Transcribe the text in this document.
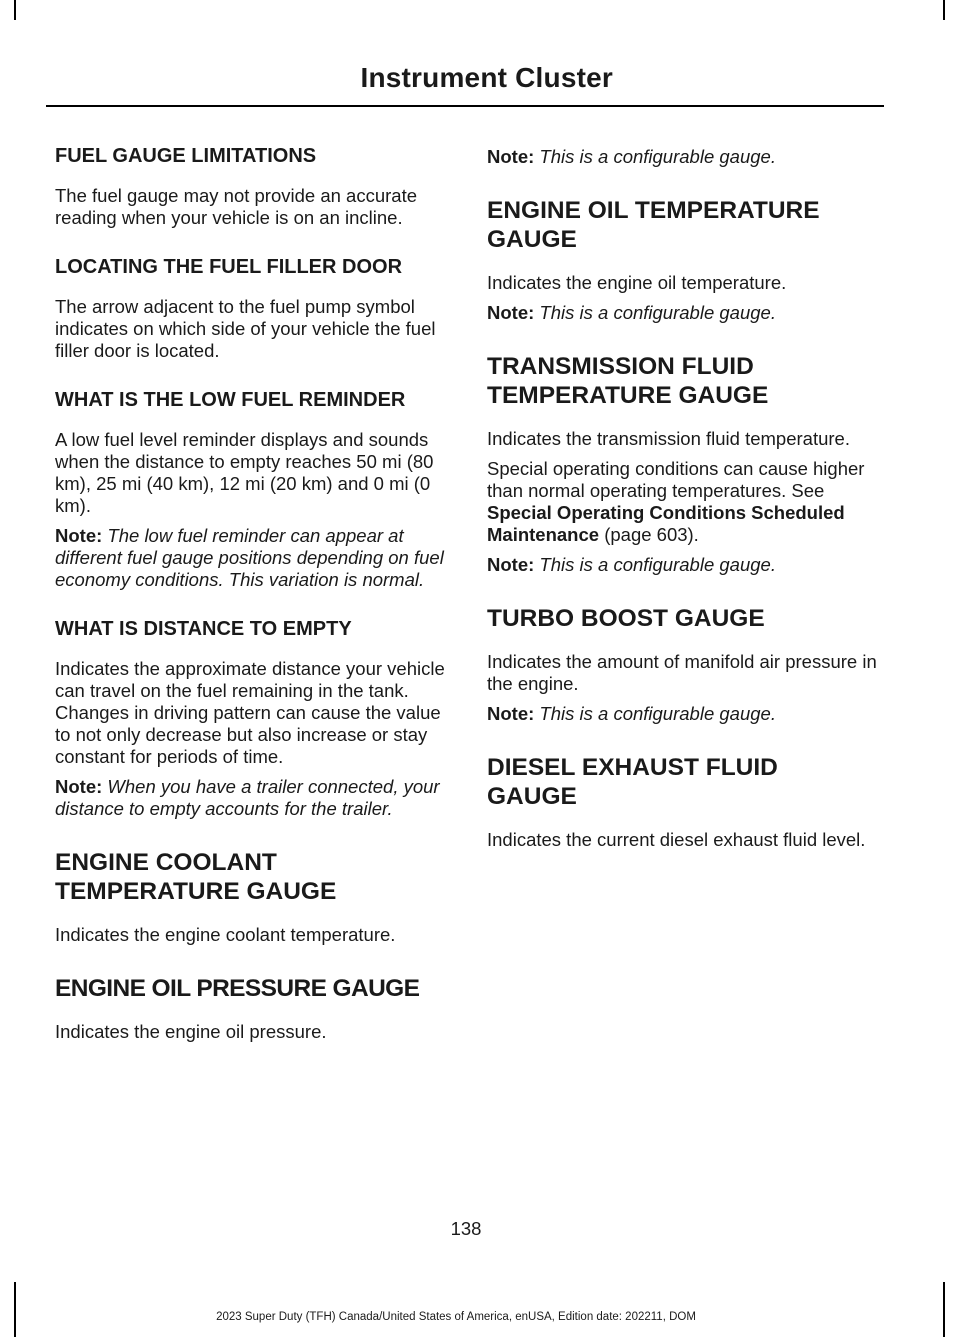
Instrument Cluster
FUEL GAUGE LIMITATIONS

The fuel gauge may not provide an accurate reading when your vehicle is on an incline.

LOCATING THE FUEL FILLER DOOR

The arrow adjacent to the fuel pump symbol indicates on which side of your vehicle the fuel filler door is located.

WHAT IS THE LOW FUEL REMINDER

A low fuel level reminder displays and sounds when the distance to empty reaches 50 mi (80 km), 25 mi (40 km), 12 mi (20 km) and 0 mi (0 km).

Note: The low fuel reminder can appear at different fuel gauge positions depending on fuel economy conditions. This variation is normal.

WHAT IS DISTANCE TO EMPTY

Indicates the approximate distance your vehicle can travel on the fuel remaining in the tank. Changes in driving pattern can cause the value to not only decrease but also increase or stay constant for periods of time.

Note: When you have a trailer connected, your distance to empty accounts for the trailer.

ENGINE COOLANT
TEMPERATURE GAUGE

Indicates the engine coolant temperature.

ENGINE OIL PRESSURE GAUGE

Indicates the engine oil pressure.

Note: This is a configurable gauge.

ENGINE OIL TEMPERATURE
GAUGE

Indicates the engine oil temperature.

Note: This is a configurable gauge.

TRANSMISSION FLUID
TEMPERATURE GAUGE

Indicates the transmission fluid temperature.

Special operating conditions can cause higher than normal operating temperatures. See Special Operating Conditions Scheduled Maintenance (page 603).

Note: This is a configurable gauge.

TURBO BOOST GAUGE

Indicates the amount of manifold air pressure in the engine.

Note: This is a configurable gauge.

DIESEL EXHAUST FLUID
GAUGE

Indicates the current diesel exhaust fluid level.

138
2023 Super Duty (TFH) Canada/United States of America, enUSA, Edition date: 202211, DOM
